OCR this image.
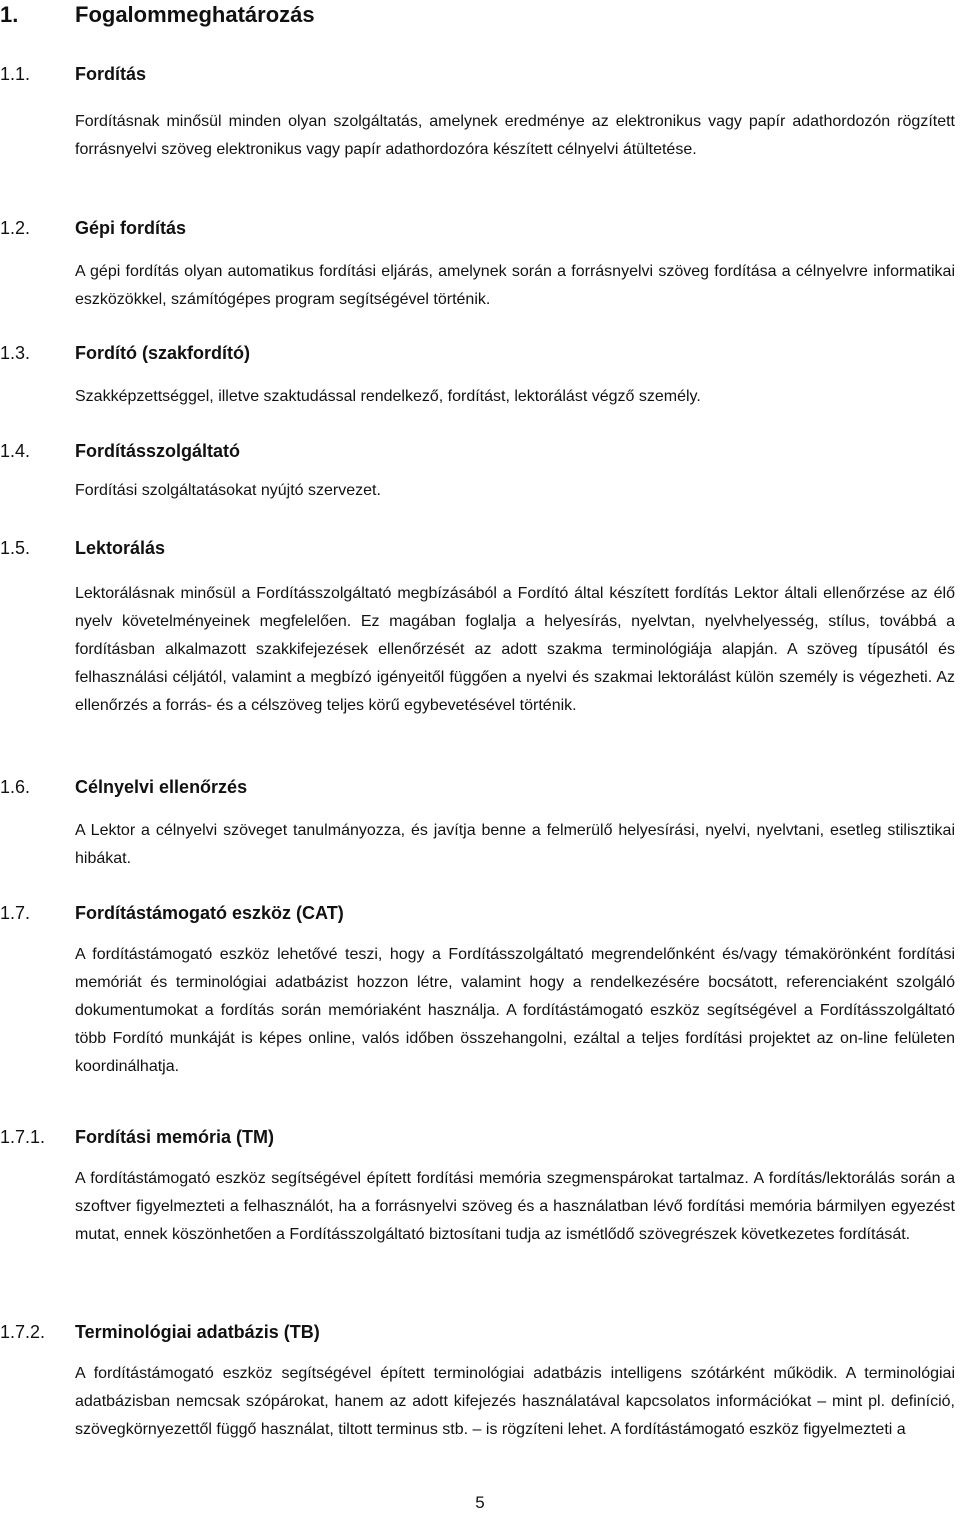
1.	Fogalommeghatározás
1.1. Fordítás
Fordításnak minősül minden olyan szolgáltatás, amelynek eredménye az elektronikus vagy papír adathordozón rögzített forrásnyelvi szöveg elektronikus vagy papír adathordozóra készített célnyelvi átültetése.
1.2. Gépi fordítás
A gépi fordítás olyan automatikus fordítási eljárás, amelynek során a forrásnyelvi szöveg fordítása a célnyelvre informatikai eszközökkel, számítógépes program segítségével történik.
1.3. Fordító (szakfordító)
Szakképzettséggel, illetve szaktudással rendelkező, fordítást, lektorálást végző személy.
1.4. Fordításszolgáltató
Fordítási szolgáltatásokat nyújtó szervezet.
1.5. Lektorálás
Lektorálásnak minősül a Fordításszolgáltató megbízásából a Fordító által készített fordítás Lektor általi ellenőrzése az élő nyelv követelményeinek megfelelően. Ez magában foglalja a helyesírás, nyelvtan, nyelvhelyesség, stílus, továbbá a fordításban alkalmazott szakkifejezések ellenőrzését az adott szakma terminológiája alapján. A szöveg típusától és felhasználási céljától, valamint a megbízó igényeitől függően a nyelvi és szakmai lektorálást külön személy is végezheti. Az ellenőrzés a forrás- és a célszöveg teljes körű egybevetésével történik.
1.6. Célnyelvi ellenőrzés
A Lektor a célnyelvi szöveget tanulmányozza, és javítja benne a felmerülő helyesírási, nyelvi, nyelvtani, esetleg stilisztikai hibákat.
1.7. Fordítástámogató eszköz (CAT)
A fordítástámogató eszköz lehetővé teszi, hogy a Fordításszolgáltató megrendelőnként és/vagy témakörönként fordítási memóriát és terminológiai adatbázist hozzon létre, valamint hogy a rendelkezésére bocsátott, referenciaként szolgáló dokumentumokat a fordítás során memóriaként használja. A fordítástámogató eszköz segítségével a Fordításszolgáltató több Fordító munkáját is képes online, valós időben összehangolni, ezáltal a teljes fordítási projektet az on-line felületen koordinálhatja.
1.7.1. Fordítási memória (TM)
A fordítástámogató eszköz segítségével épített fordítási memória szegmenspárokat tartalmaz. A fordítás/lektorálás során a szoftver figyelmezteti a felhasználót, ha a forrásnyelvi szöveg és a használatban lévő fordítási memória bármilyen egyezést mutat, ennek köszönhetően a Fordításszolgáltató biztosítani tudja az ismétlődő szövegrészek következetes fordítását.
1.7.2. Terminológiai adatbázis (TB)
A fordítástámogató eszköz segítségével épített terminológiai adatbázis intelligens szótárként működik. A terminológiai adatbázisban nemcsak szópárokat, hanem az adott kifejezés használatával kapcsolatos információkat – mint pl. definíció, szövegkörnyezettől függő használat, tiltott terminus stb. – is rögzíteni lehet. A fordítástámogató eszköz figyelmezteti a
5
